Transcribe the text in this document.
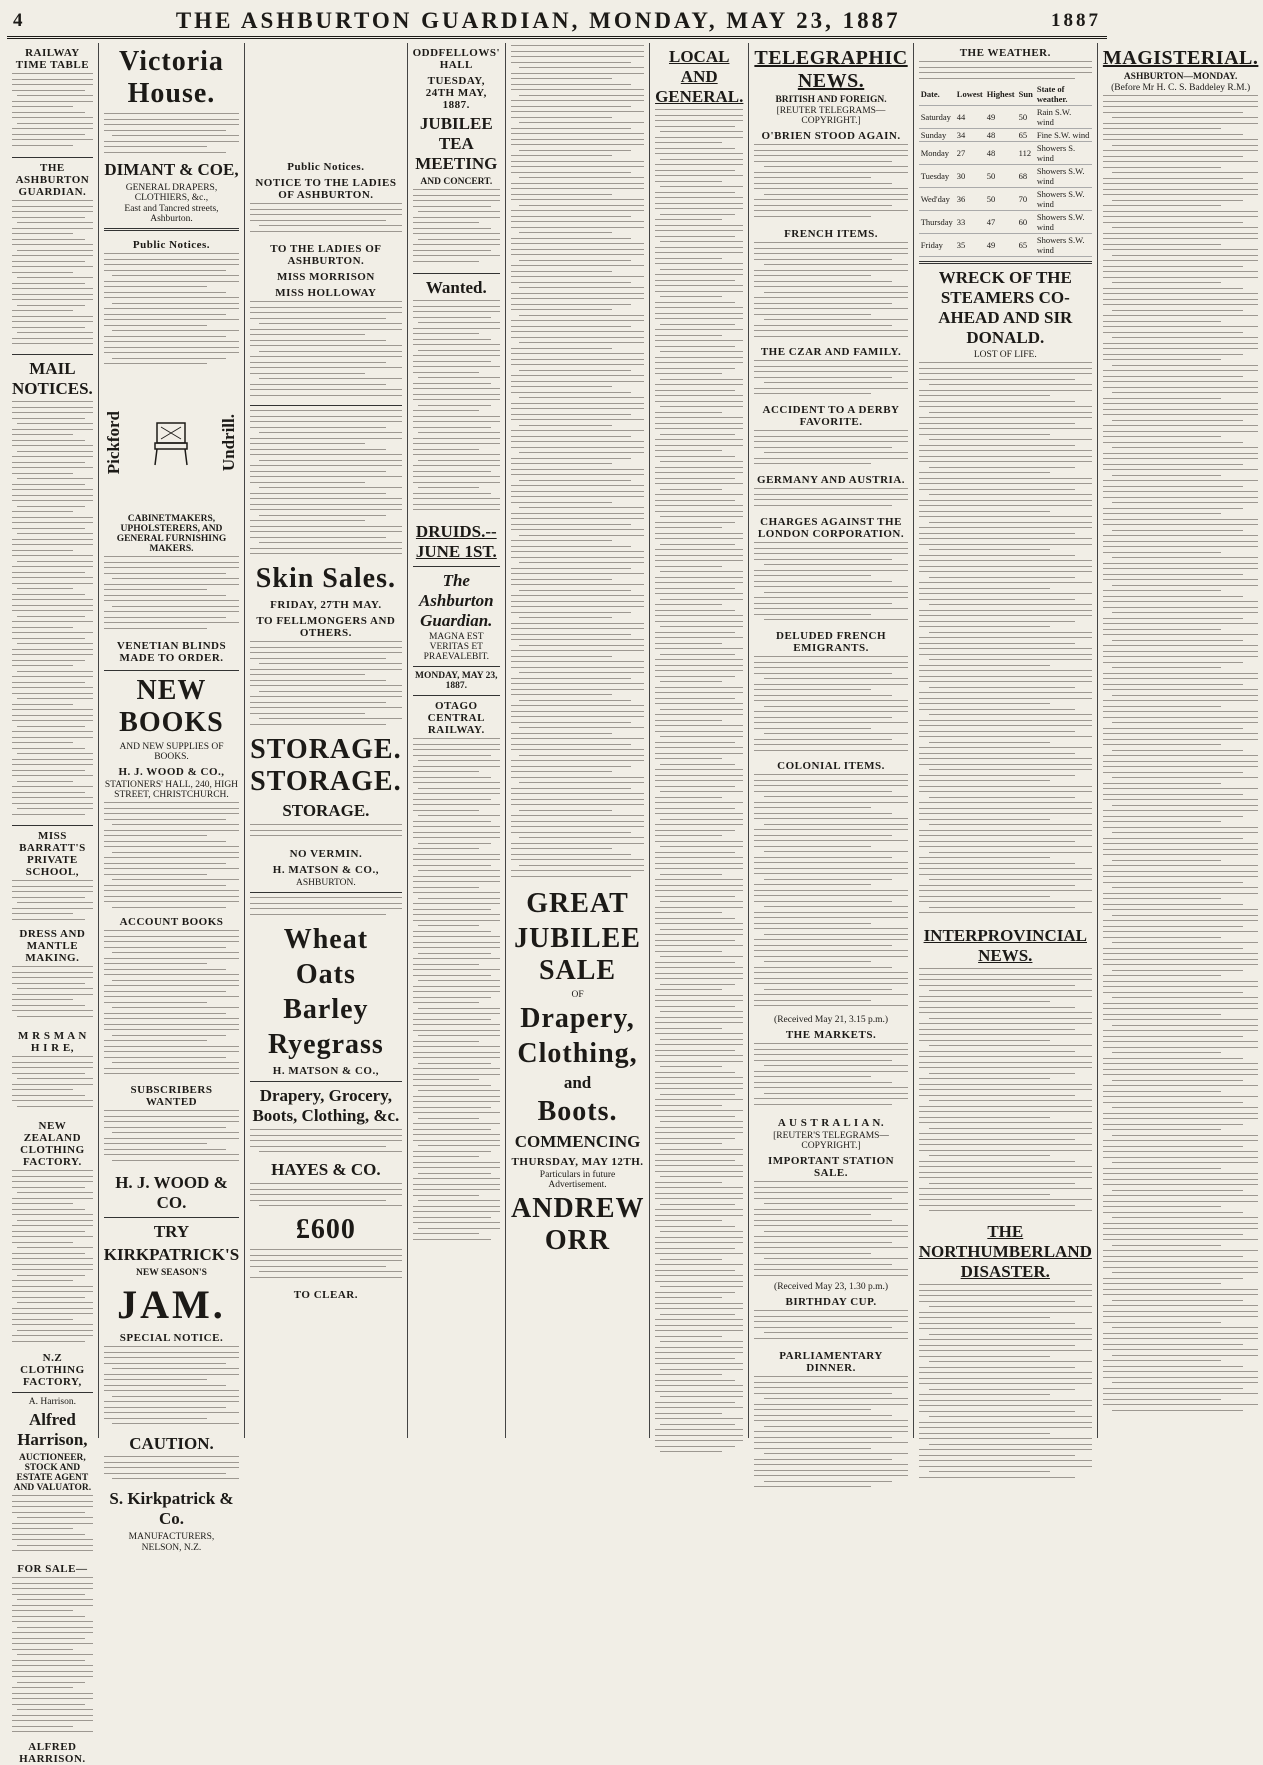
4	THE ASHBURTON GUARDIAN, MONDAY, MAY 23, 1887	1887
RAILWAY TIME TABLE
THE ASHBURTON GUARDIAN.
MAIL NOTICES.
MISS BARRATT'S PRIVATE SCHOOL,
DRESS AND MANTLE MAKING.
M R S M A N H I R E,
NEW ZEALAND CLOTHING FACTORY.
N.Z CLOTHING FACTORY,
A. Harrison.
Alfred Harrison,
AUCTIONEER, STOCK AND ESTATE AGENT AND VALUATOR.
FOR SALE—
ALFRED HARRISON.
Victoria House.
DIMANT & COE,
GENERAL DRAPERS, CLOTHIERS, &c.,
East and Tancred streets, Ashburton.
Public Notices.
Pickford	Undrill.
CABINETMAKERS, UPHOLSTERERS, AND GENERAL FURNISHING MAKERS.
VENETIAN BLINDS MADE TO ORDER.
NEW BOOKS
AND NEW SUPPLIES OF BOOKS.
H. J. WOOD & CO.,
STATIONERS' HALL, 240, HIGH STREET, CHRISTCHURCH.
ACCOUNT BOOKS
SUBSCRIBERS WANTED
H. J. WOOD & CO.
TRY
KIRKPATRICK'S
NEW SEASON'S
JAM.
SPECIAL NOTICE.
CAUTION.
S. Kirkpatrick & Co.
MANUFACTURERS,
NELSON, N.Z.
Public Notices.
NOTICE TO THE LADIES OF ASHBURTON.
TO THE LADIES OF ASHBURTON.
MISS MORRISON
MISS HOLLOWAY
Skin Sales.
FRIDAY, 27TH MAY.
TO FELLMONGERS AND OTHERS.
STORAGE. STORAGE.
STORAGE.
NO VERMIN.
H. MATSON & CO.,
ASHBURTON.
Wheat
Oats
Barley
Ryegrass
H. MATSON & CO.,
Drapery, Grocery, Boots, Clothing, &c.
HAYES & CO.
£600
TO CLEAR.
ODDFELLOWS' HALL
TUESDAY, 24TH MAY, 1887.
JUBILEE TEA MEETING
AND CONCERT.
Wanted.
DRUIDS.--JUNE 1ST.
The Ashburton Guardian.
MAGNA EST VERITAS ET PRAEVALEBIT.
MONDAY, MAY 23, 1887.
OTAGO CENTRAL RAILWAY.
GREAT
JUBILEE SALE
OF
Drapery,
Clothing,
and
Boots.
COMMENCING
THURSDAY, MAY 12TH.
Particulars in future Advertisement.
ANDREW ORR
LOCAL AND GENERAL.
TELEGRAPHIC NEWS.
BRITISH AND FOREIGN.
[REUTER TELEGRAMS—COPYRIGHT.]
O'BRIEN STOOD AGAIN.
FRENCH ITEMS.
THE CZAR AND FAMILY.
ACCIDENT TO A DERBY FAVORITE.
GERMANY AND AUSTRIA.
CHARGES AGAINST THE LONDON CORPORATION.
DELUDED FRENCH EMIGRANTS.
COLONIAL ITEMS.
(Received May 21, 3.15 p.m.)
THE MARKETS.
A U S T R A L I A N.
[REUTER'S TELEGRAMS—COPYRIGHT.]
IMPORTANT STATION SALE.
(Received May 23, 1.30 p.m.)
BIRTHDAY CUP.
PARLIAMENTARY DINNER.
THE WEATHER.
Date.	Lowest	Highest	Sun	State of weather.
Saturday	44	49	50	Rain S.W. wind
Sunday	34	48	65	Fine S.W. wind
Monday	27	48	112	Showers S. wind
Tuesday	30	50	68	Showers S.W. wind
Wed'day	36	50	70	Showers S.W. wind
Thursday	33	47	60	Showers S.W. wind
Friday	35	49	65	Showers S.W. wind
WRECK OF THE STEAMERS CO-AHEAD AND SIR DONALD.
LOST OF LIFE.
INTERPROVINCIAL NEWS.
THE NORTHUMBERLAND DISASTER.
MAGISTERIAL.
ASHBURTON—MONDAY.
(Before Mr H. C. S. Baddeley R.M.)
